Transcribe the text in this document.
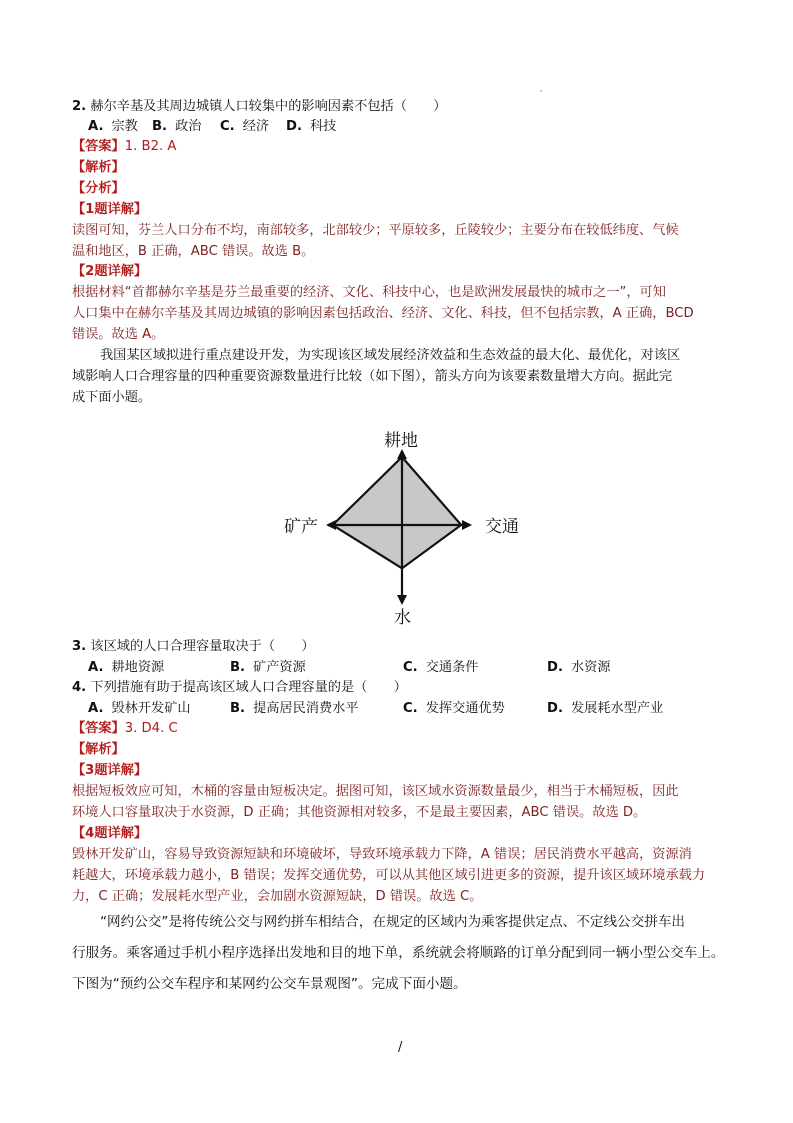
2. 赫尔辛基及其周边城镇人口较集中的影响因素不包括（　　）
A. 宗教 B. 政治 C. 经济 D. 科技
【答案】1. B2. A
【解析】
【分析】
【1题详解】
读图可知，芬兰人口分布不均，南部较多，北部较少；平原较多，丘陵较少；主要分布在较低纬度、气候
温和地区，B 正确，ABC 错误。故选 B。
【2题详解】
根据材料“首都赫尔辛基是芬兰最重要的经济、文化、科技中心，也是欧洲发展最快的城市之一”，可知
人口集中在赫尔辛基及其周边城镇的影响因素包括政治、经济、文化、科技，但不包括宗教，A 正确，BCD
错误。故选 A。
我国某区域拟进行重点建设开发，为实现该区域发展经济效益和生态效益的最大化、最优化，对该区
域影响人口合理容量的四种重要资源数量进行比较（如下图），箭头方向为该要素数量增大方向。据此完
成下面小题。
耕地
矿产	交通
水
3. 该区域的人口合理容量取决于（　　）
A. 耕地资源	B. 矿产资源	C. 交通条件	D. 水资源
4. 下列措施有助于提高该区域人口合理容量的是（　　）
A. 毁林开发矿山	B. 提高居民消费水平	C. 发挥交通优势	D. 发展耗水型产业
【答案】3. D4. C
【解析】
【3题详解】
根据短板效应可知，木桶的容量由短板决定。据图可知，该区域水资源数量最少，相当于木桶短板，因此
环境人口容量取决于水资源，D 正确；其他资源相对较多，不是最主要因素，ABC 错误。故选 D。
【4题详解】
毁林开发矿山，容易导致资源短缺和环境破坏，导致环境承载力下降，A 错误；居民消费水平越高，资源消
耗越大，环境承载力越小，B 错误；发挥交通优势，可以从其他区域引进更多的资源，提升该区域环境承载力
力，C 正确；发展耗水型产业，会加剧水资源短缺，D 错误。故选 C。
“网约公交”是将传统公交与网约拼车相结合，在规定的区域内为乘客提供定点、不定线公交拼车出
行服务。乘客通过手机小程序选择出发地和目的地下单，系统就会将顺路的订单分配到同一辆小型公交车上。
下图为“预约公交车程序和某网约公交车景观图”。完成下面小题。
/
